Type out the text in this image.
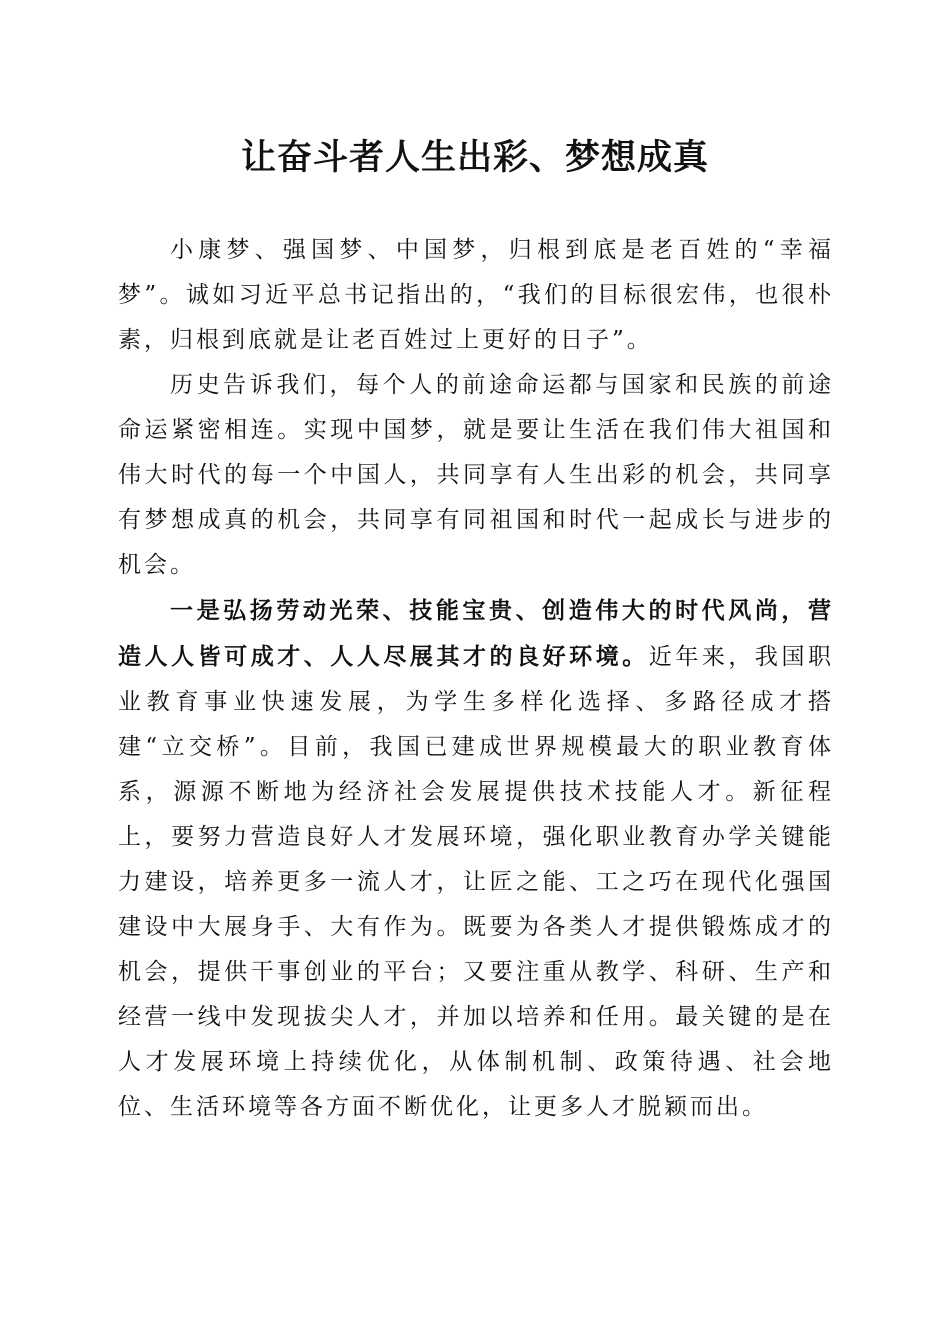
让奋斗者人生出彩、梦想成真

小康梦、强国梦、中国梦，归根到底是老百姓的“幸福梦”。诚如习近平总书记指出的，“我们的目标很宏伟，也很朴素，归根到底就是让老百姓过上更好的日子”。

历史告诉我们，每个人的前途命运都与国家和民族的前途命运紧密相连。实现中国梦，就是要让生活在我们伟大祖国和伟大时代的每一个中国人，共同享有人生出彩的机会，共同享有梦想成真的机会，共同享有同祖国和时代一起成长与进步的机会。

一是弘扬劳动光荣、技能宝贵、创造伟大的时代风尚，营造人人皆可成才、人人尽展其才的良好环境。近年来，我国职业教育事业快速发展，为学生多样化选择、多路径成才搭建“立交桥”。目前，我国已建成世界规模最大的职业教育体系，源源不断地为经济社会发展提供技术技能人才。新征程上，要努力营造良好人才发展环境，强化职业教育办学关键能力建设，培养更多一流人才，让匠之能、工之巧在现代化强国建设中大展身手、大有作为。既要为各类人才提供锻炼成才的机会，提供干事创业的平台；又要注重从教学、科研、生产和经营一线中发现拔尖人才，并加以培养和任用。最关键的是在人才发展环境上持续优化，从体制机制、政策待遇、社会地位、生活环境等各方面不断优化，让更多人才脱颖而出。
